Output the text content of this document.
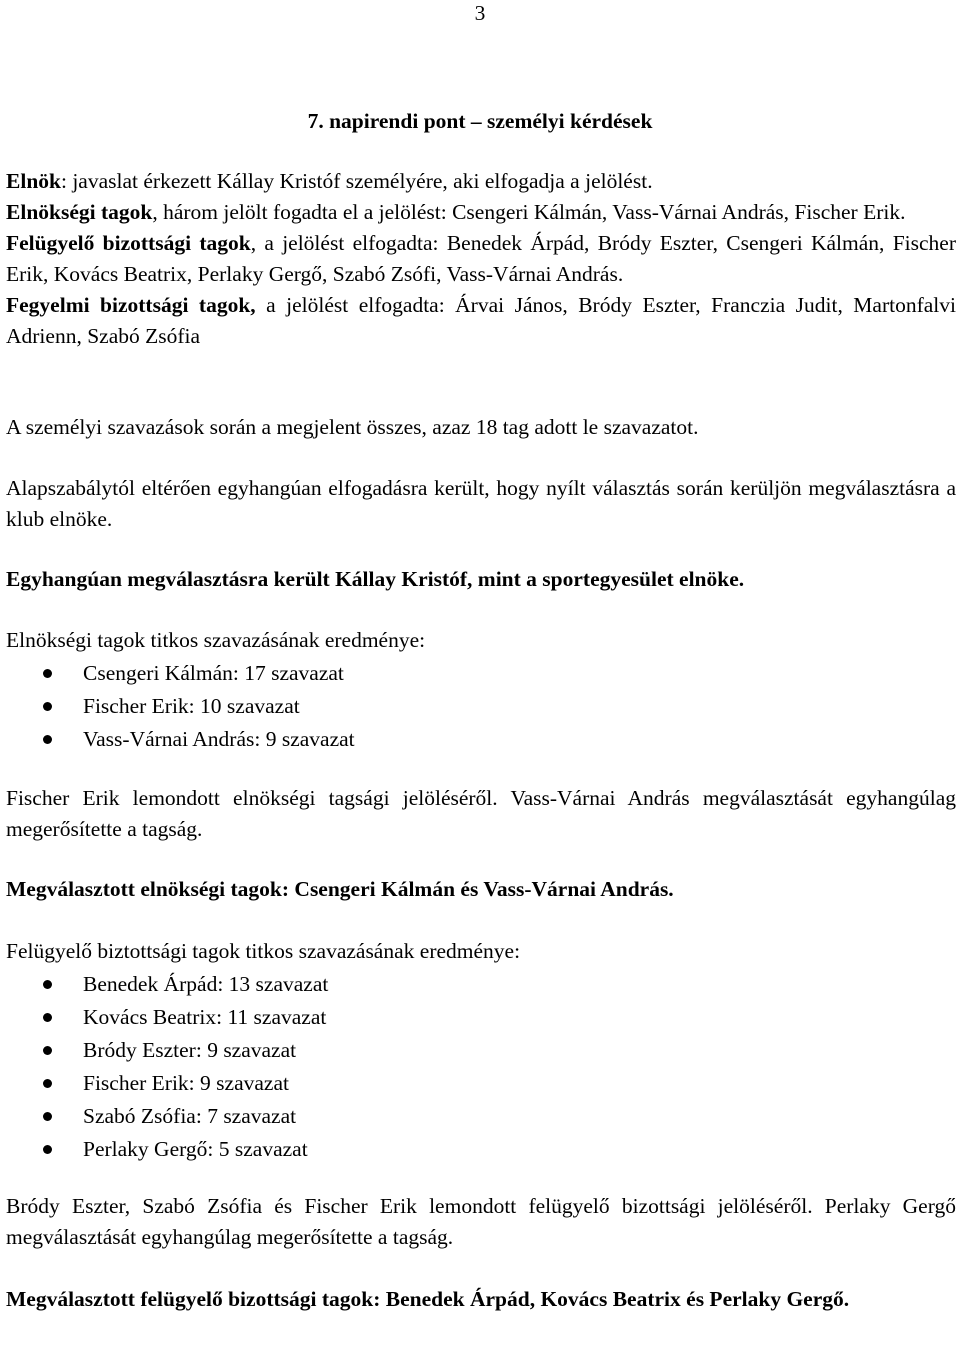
3
7. napirendi pont – személyi kérdések

Elnök: javaslat érkezett Kállay Kristóf személyére, aki elfogadja a jelölést.

Elnökségi tagok, három jelölt fogadta el a jelölést: Csengeri Kálmán, Vass-Várnai András, Fischer Erik.

Felügyelő bizottsági tagok, a jelölést elfogadta: Benedek Árpád, Bródy Eszter, Csengeri Kálmán, Fischer Erik, Kovács Beatrix, Perlaky Gergő, Szabó Zsófi, Vass-Várnai András.

Fegyelmi bizottsági tagok, a jelölést elfogadta: Árvai János, Bródy Eszter, Franczia Judit, Martonfalvi Adrienn, Szabó Zsófia

A személyi szavazások során a megjelent összes, azaz 18 tag adott le szavazatot.
Alapszabálytól eltérően egyhangúan elfogadásra került, hogy nyílt választás során kerüljön megválasztásra a klub elnöke.
Egyhangúan megválasztásra került Kállay Kristóf, mint a sportegyesület elnöke.

Elnökségi tagok titkos szavazásának eredménye:

Csengeri Kálmán: 17 szavazat
Fischer Erik: 10 szavazat
Vass-Várnai András: 9 szavazat
Fischer Erik lemondott elnökségi tagsági jelöléséről. Vass-Várnai András megválasztását egyhangúlag megerősítette a tagság.
Megválasztott elnökségi tagok: Csengeri Kálmán és Vass-Várnai András.

Felügyelő biztottsági tagok titkos szavazásának eredménye:

Benedek Árpád: 13 szavazat
Kovács Beatrix: 11 szavazat
Bródy Eszter: 9 szavazat
Fischer Erik: 9 szavazat
Szabó Zsófia: 7 szavazat
Perlaky Gergő: 5 szavazat
Bródy Eszter, Szabó Zsófia és Fischer Erik lemondott felügyelő bizottsági jelöléséről. Perlaky Gergő megválasztását egyhangúlag megerősítette a tagság.
Megválasztott felügyelő bizottsági tagok: Benedek Árpád, Kovács Beatrix és Perlaky Gergő.
